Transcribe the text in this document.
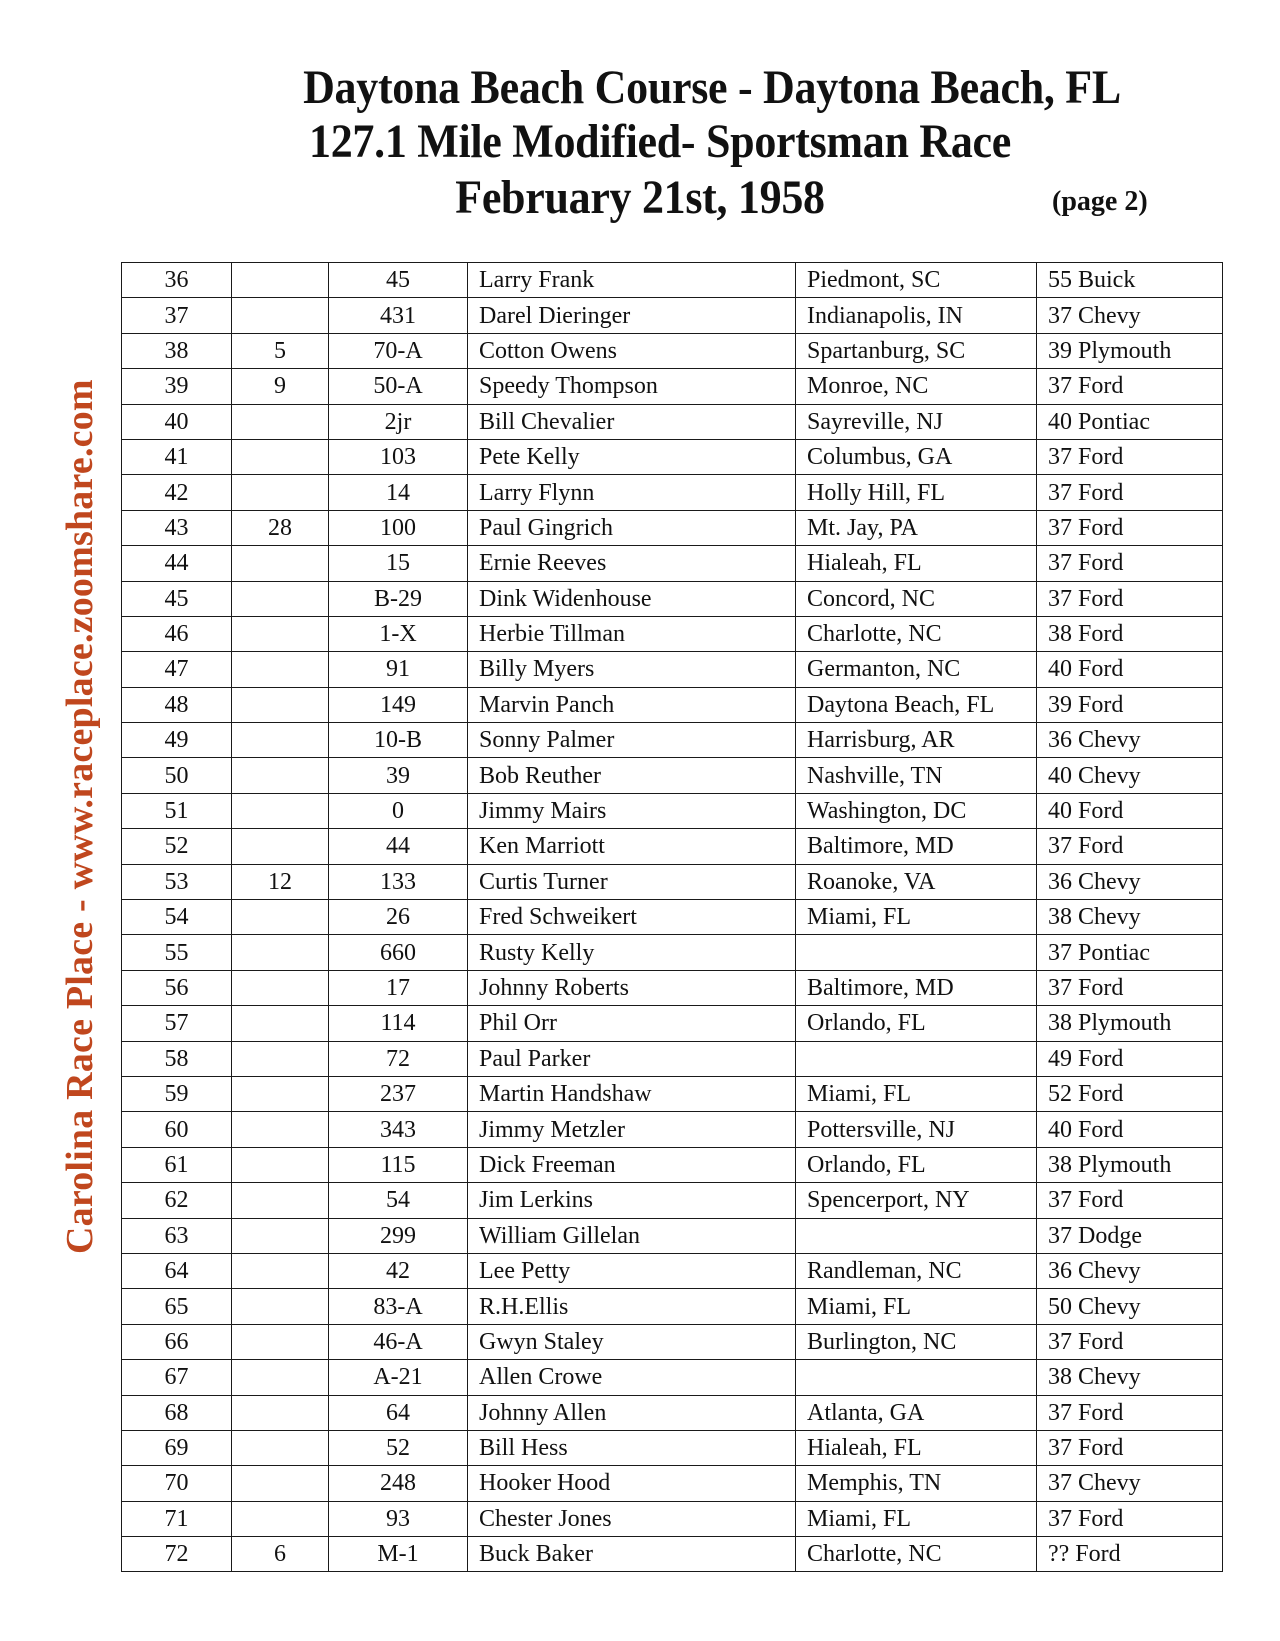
Daytona Beach Course - Daytona Beach, FL
127.1 Mile Modified- Sportsman Race
February 21st, 1958	(page 2)
Carolina Race Place - www.raceplace.zoomshare.com
36		45	Larry Frank	Piedmont, SC	55 Buick
37		431	Darel Dieringer	Indianapolis, IN	37 Chevy
38	5	70-A	Cotton Owens	Spartanburg, SC	39 Plymouth
39	9	50-A	Speedy Thompson	Monroe, NC	37 Ford
40		2jr	Bill Chevalier	Sayreville, NJ	40 Pontiac
41		103	Pete Kelly	Columbus, GA	37 Ford
42		14	Larry Flynn	Holly Hill, FL	37 Ford
43	28	100	Paul Gingrich	Mt. Jay, PA	37 Ford
44		15	Ernie Reeves	Hialeah, FL	37 Ford
45		B-29	Dink Widenhouse	Concord, NC	37 Ford
46		1-X	Herbie Tillman	Charlotte, NC	38 Ford
47		91	Billy Myers	Germanton, NC	40 Ford
48		149	Marvin Panch	Daytona Beach, FL	39 Ford
49		10-B	Sonny Palmer	Harrisburg, AR	36 Chevy
50		39	Bob Reuther	Nashville, TN	40 Chevy
51		0	Jimmy Mairs	Washington, DC	40 Ford
52		44	Ken Marriott	Baltimore, MD	37 Ford
53	12	133	Curtis Turner	Roanoke, VA	36 Chevy
54		26	Fred Schweikert	Miami, FL	38 Chevy
55		660	Rusty Kelly		37 Pontiac
56		17	Johnny Roberts	Baltimore, MD	37 Ford
57		114	Phil Orr	Orlando, FL	38 Plymouth
58		72	Paul Parker		49 Ford
59		237	Martin Handshaw	Miami, FL	52 Ford
60		343	Jimmy Metzler	Pottersville, NJ	40 Ford
61		115	Dick Freeman	Orlando, FL	38 Plymouth
62		54	Jim Lerkins	Spencerport, NY	37 Ford
63		299	William Gillelan		37 Dodge
64		42	Lee Petty	Randleman, NC	36 Chevy
65		83-A	R.H.Ellis	Miami, FL	50 Chevy
66		46-A	Gwyn Staley	Burlington, NC	37 Ford
67		A-21	Allen Crowe		38 Chevy
68		64	Johnny Allen	Atlanta, GA	37 Ford
69		52	Bill Hess	Hialeah, FL	37 Ford
70		248	Hooker Hood	Memphis, TN	37 Chevy
71		93	Chester Jones	Miami, FL	37 Ford
72	6	M-1	Buck Baker	Charlotte, NC	?? Ford
